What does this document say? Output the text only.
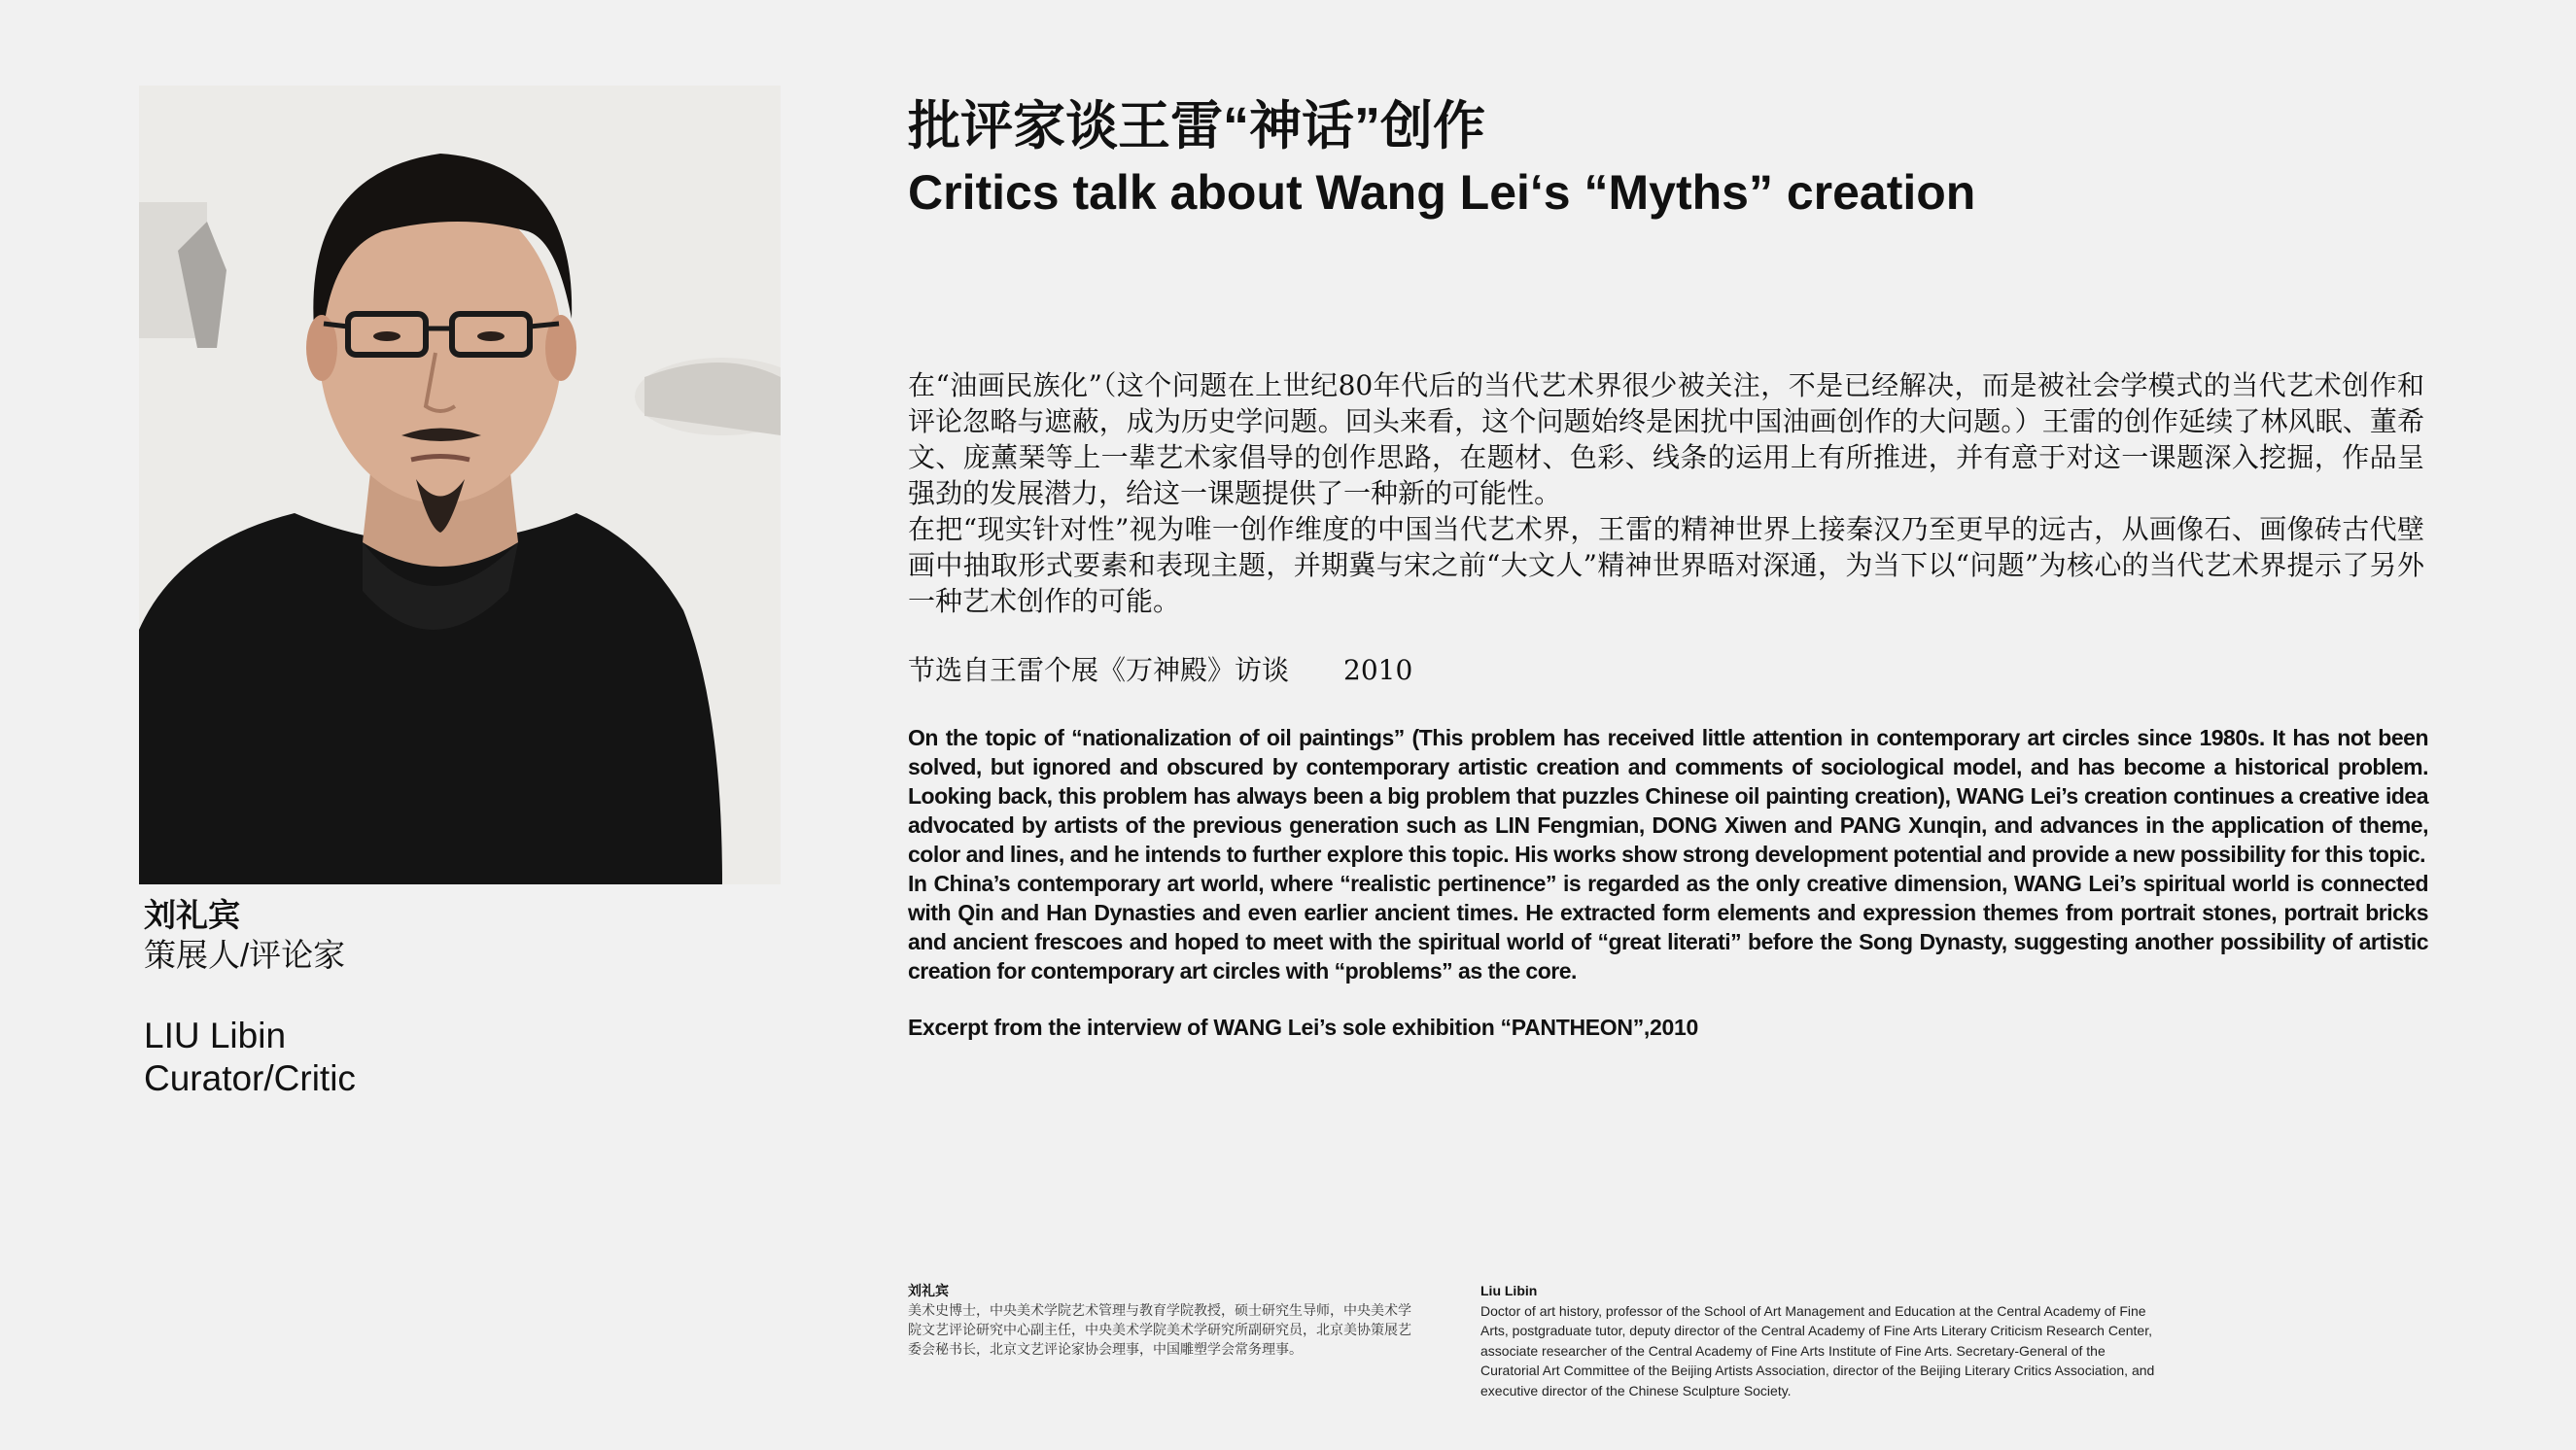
刘礼宾

策展人/评论家

LIU Libin

Curator/Critic

批评家谈王雷“神话”创作
Critics talk about Wang Lei‘s “Myths” creation

在“油画民族化”（这个问题在上世纪80年代后的当代艺术界很少被关注，不是已经解决，而是被社会学模式的当代艺术创作和评论忽略与遮蔽，成为历史学问题。回头来看，这个问题始终是困扰中国油画创作的大问题。）王雷的创作延续了林风眠、董希文、庞薰琹等上一辈艺术家倡导的创作思路，在题材、色彩、线条的运用上有所推进，并有意于对这一课题深入挖掘，作品呈强劲的发展潜力，给这一课题提供了一种新的可能性。

在把“现实针对性”视为唯一创作维度的中国当代艺术界，王雷的精神世界上接秦汉乃至更早的远古，从画像石、画像砖古代壁画中抽取形式要素和表现主题，并期冀与宋之前“大文人”精神世界晤对深通，为当下以“问题”为核心的当代艺术界提示了另外一种艺术创作的可能。

节选自王雷个展《万神殿》访谈　　2010

On the topic of “nationalization of oil paintings” (This problem has received little attention in contemporary art circles since 1980s. It has not been solved, but ignored and obscured by contemporary artistic creation and comments of sociological model, and has become a historical problem. Looking back, this problem has always been a big problem that puzzles Chinese oil painting creation), WANG Lei’s creation continues a creative idea advocated by artists of the previous generation such as LIN Fengmian, DONG Xiwen and PANG Xunqin, and advances in the application of theme, color and lines, and he intends to further explore this topic. His works show strong development potential and provide a new possibility for this topic.

In China’s contemporary art world, where “realistic pertinence” is regarded as the only creative dimension, WANG Lei’s spiritual world is connected with Qin and Han Dynasties and even earlier ancient times. He extracted form elements and expression themes from portrait stones, portrait bricks and ancient frescoes and hoped to meet with the spiritual world of “great literati” before the Song Dynasty, suggesting another possibility of artistic creation for contemporary art circles with “problems” as the core.

Excerpt from the interview of WANG Lei’s sole exhibition “PANTHEON”,2010

刘礼宾

美术史博士，中央美术学院艺术管理与教育学院教授，硕士研究生导师，中央美术学院文艺评论研究中心副主任，中央美术学院美术学研究所副研究员，北京美协策展艺委会秘书长，北京文艺评论家协会理事，中国雕塑学会常务理事。

Liu Libin

Doctor of art history, professor of the School of Art Management and Education at the Central Academy of Fine Arts, postgraduate tutor, deputy director of the Central Academy of Fine Arts Literary Criticism Research Center, associate researcher of the Central Academy of Fine Arts Institute of Fine Arts. Secretary-General of the Curatorial Art Committee of the Beijing Artists Association, director of the Beijing Literary Critics Association, and executive director of the Chinese Sculpture Society.
